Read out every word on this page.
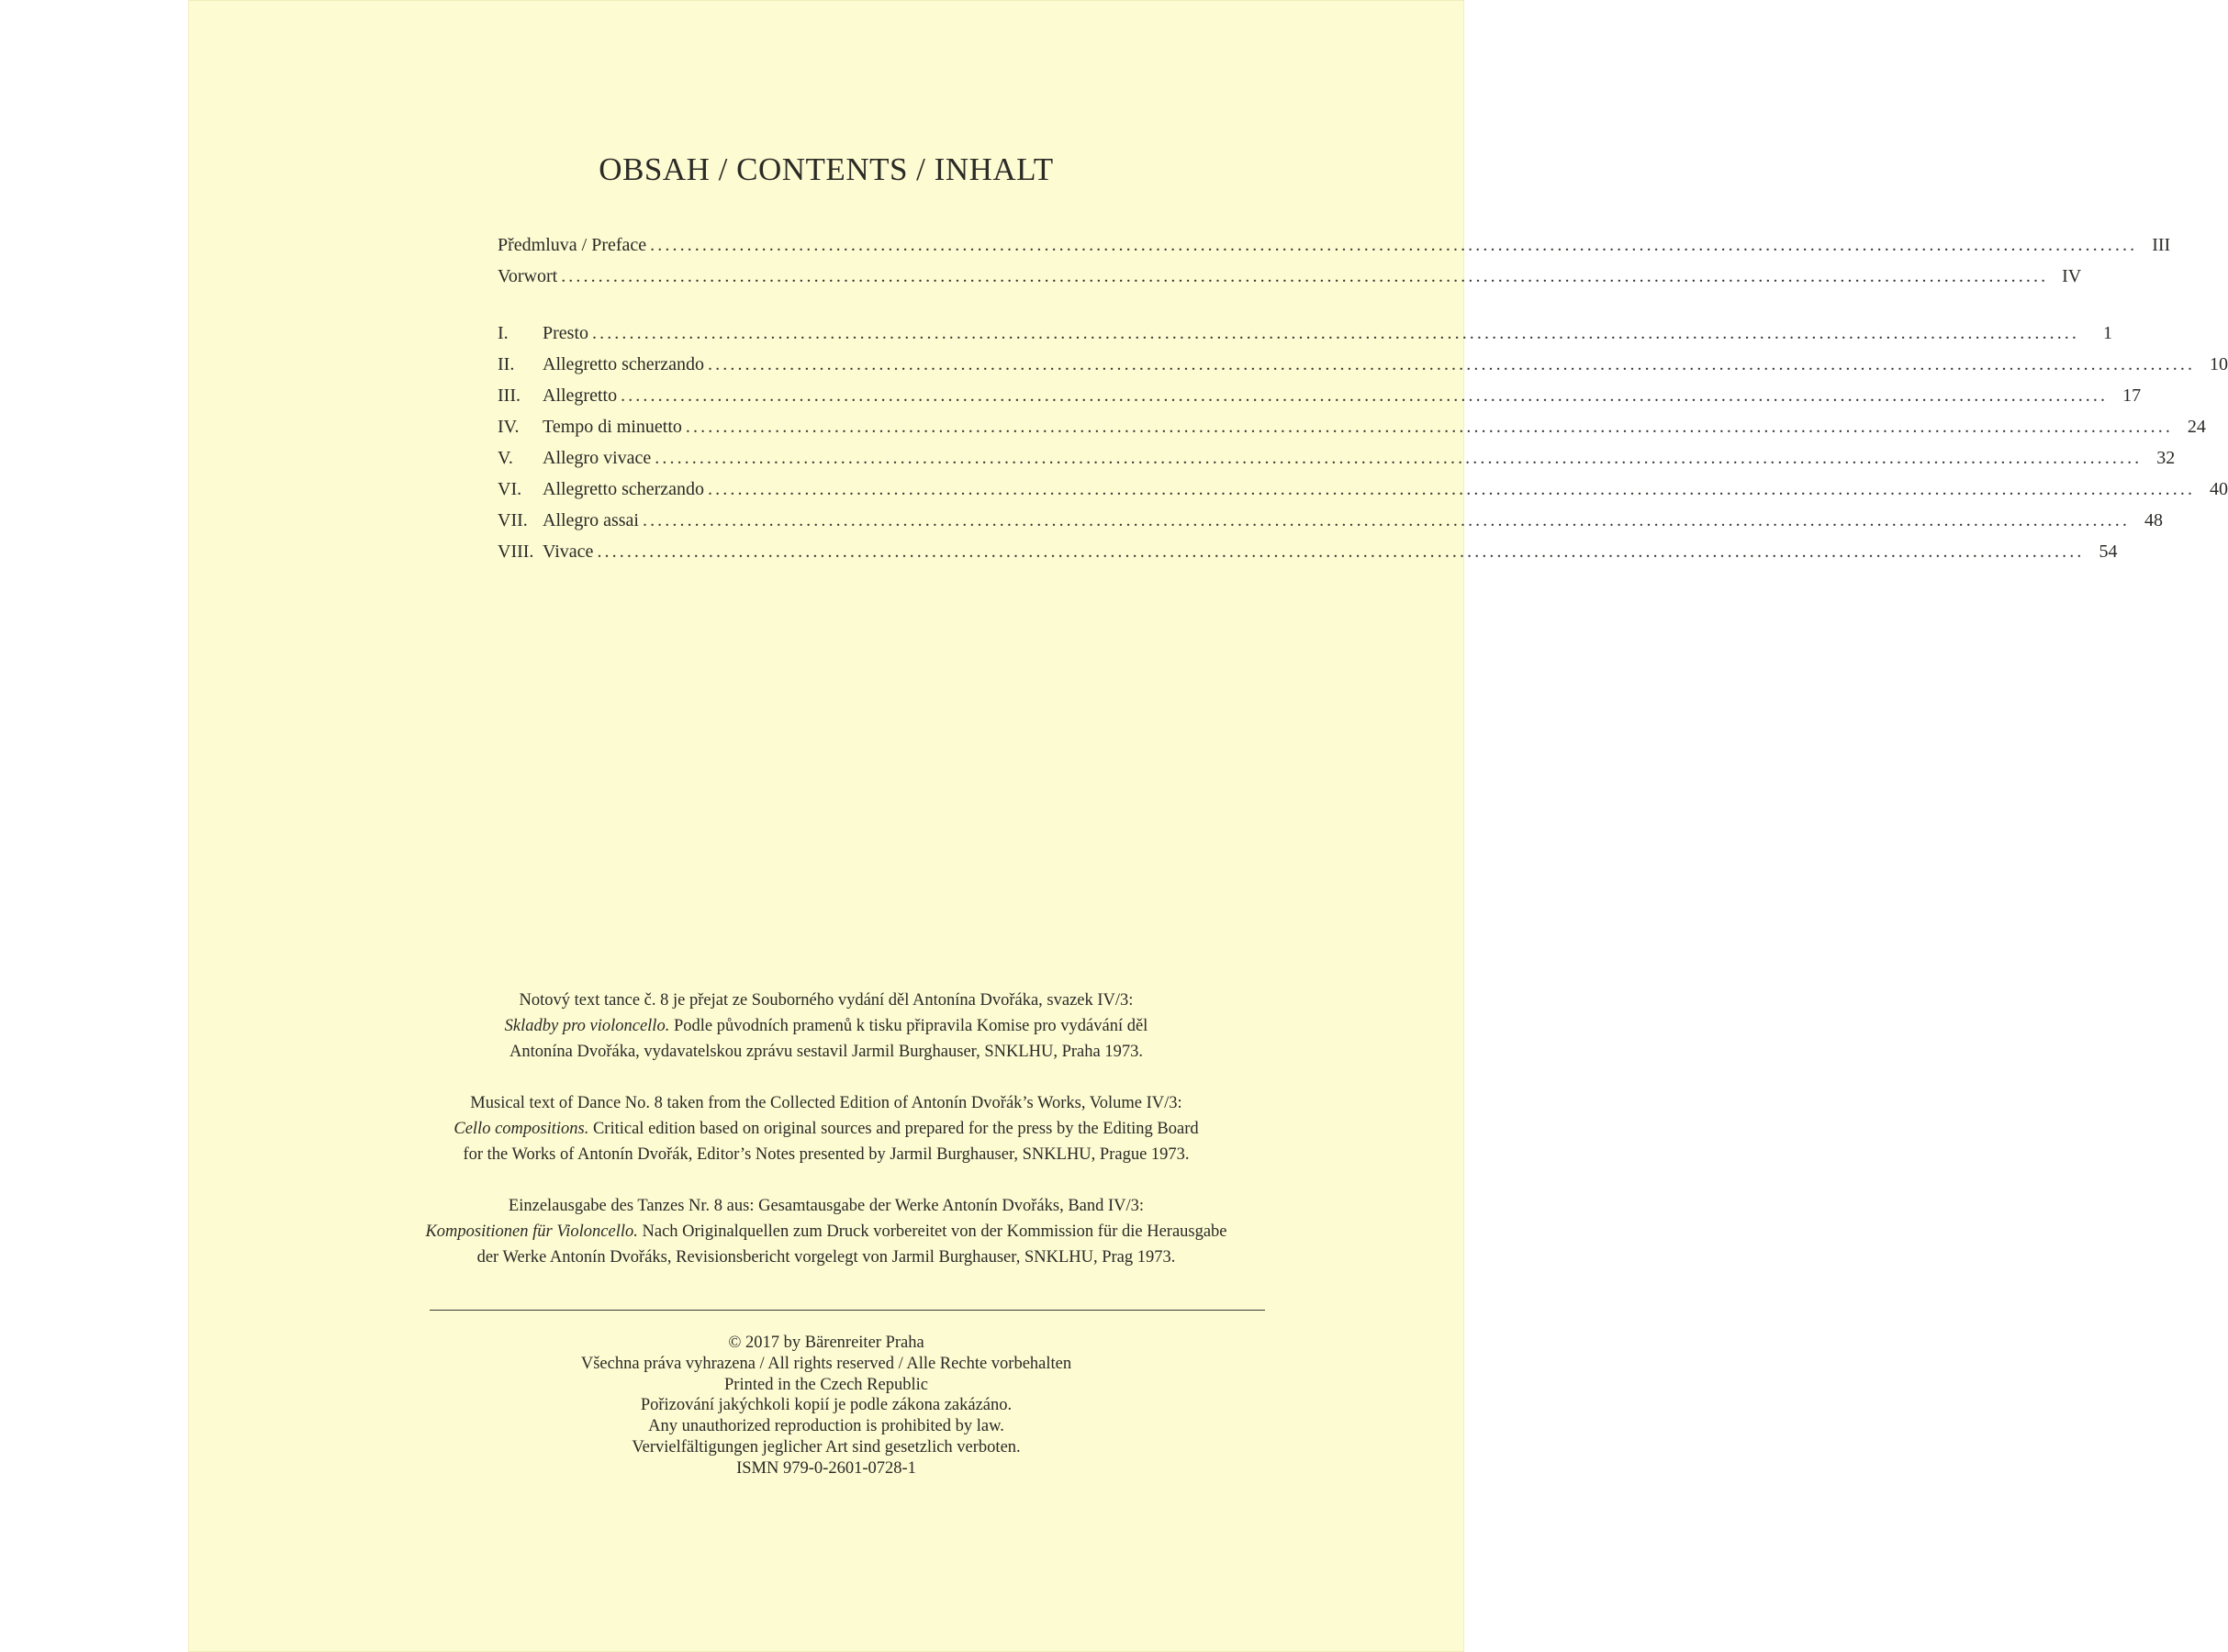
OBSAH / CONTENTS / INHALT
Předmluva / Preface ........................................................................................................................................................................................................ III
Vorwort ........................................................................................................................................................................................................ IV
I.	Presto ........................................................................................................................................................................................................	1
II.	Allegretto scherzando ........................................................................................................................................................................................................ 10
III.	Allegretto ........................................................................................................................................................................................................ 17
IV.	Tempo di minuetto ........................................................................................................................................................................................................ 24
V.	Allegro vivace ........................................................................................................................................................................................................ 32
VI.	Allegretto scherzando ........................................................................................................................................................................................................ 40
VII. Allegro assai ........................................................................................................................................................................................................ 48
VIII. Vivace ........................................................................................................................................................................................................ 54

Notový text tance č. 8 je přejat ze Souborného vydání děl Antonína Dvořáka, svazek IV/3:

Skladby pro violoncello. Podle původních pramenů k tisku připravila Komise pro vydávání děl

Antonína Dvořáka, vydavatelskou zprávu sestavil Jarmil Burghauser, SNKLHU, Praha 1973.

Musical text of Dance No. 8 taken from the Collected Edition of Antonín Dvořák’s Works, Volume IV/3:

Cello compositions. Critical edition based on original sources and prepared for the press by the Editing Board

for the Works of Antonín Dvořák, Editor’s Notes presented by Jarmil Burghauser, SNKLHU, Prague 1973.

Einzelausgabe des Tanzes Nr. 8 aus: Gesamtausgabe der Werke Antonín Dvořáks, Band IV/3:

Kompositionen für Violoncello. Nach Originalquellen zum Druck vorbereitet von der Kommission für die Herausgabe

der Werke Antonín Dvořáks, Revisionsbericht vorgelegt von Jarmil Burghauser, SNKLHU, Prag 1973.

© 2017 by Bärenreiter Praha
Všechna práva vyhrazena / All rights reserved / Alle Rechte vorbehalten
Printed in the Czech Republic
Pořizování jakýchkoli kopií je podle zákona zakázáno.
Any unauthorized reproduction is prohibited by law.
Vervielfältigungen jeglicher Art sind gesetzlich verboten.
ISMN 979-0-2601-0728-1
